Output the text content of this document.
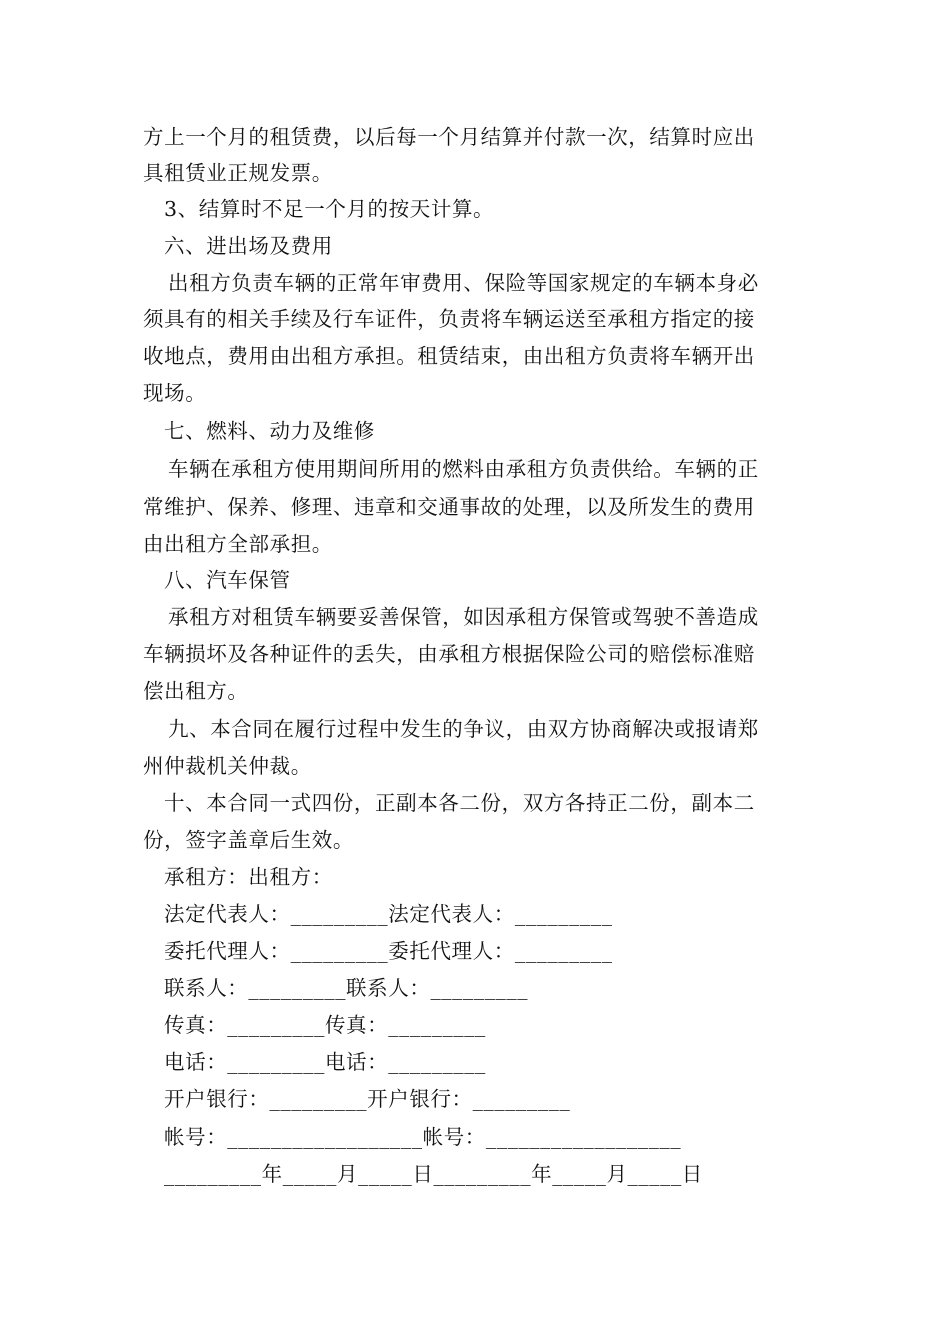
方上一个月的租赁费，以后每一个月结算并付款一次，结算时应出
具租赁业正规发票。
3、结算时不足一个月的按天计算。
六、进出场及费用
出租方负责车辆的正常年审费用、保险等国家规定的车辆本身必
须具有的相关手续及行车证件，负责将车辆运送至承租方指定的接
收地点，费用由出租方承担。租赁结束，由出租方负责将车辆开出
现场。
七、燃料、动力及维修
车辆在承租方使用期间所用的燃料由承租方负责供给。车辆的正
常维护、保养、修理、违章和交通事故的处理，以及所发生的费用
由出租方全部承担。
八、汽车保管
承租方对租赁车辆要妥善保管，如因承租方保管或驾驶不善造成
车辆损坏及各种证件的丢失，由承租方根据保险公司的赔偿标准赔
偿出租方。
九、本合同在履行过程中发生的争议，由双方协商解决或报请郑
州仲裁机关仲裁。
十、本合同一式四份，正副本各二份，双方各持正二份，副本二
份，签字盖章后生效。
承租方：出租方：
法定代表人：_________法定代表人：_________
委托代理人：_________委托代理人：_________
联系人：_________联系人：_________
传真：_________传真：_________
电话：_________电话：_________
开户银行：_________开户银行：_________
帐号：__________________帐号：__________________
_________年_____月_____日_________年_____月_____日
